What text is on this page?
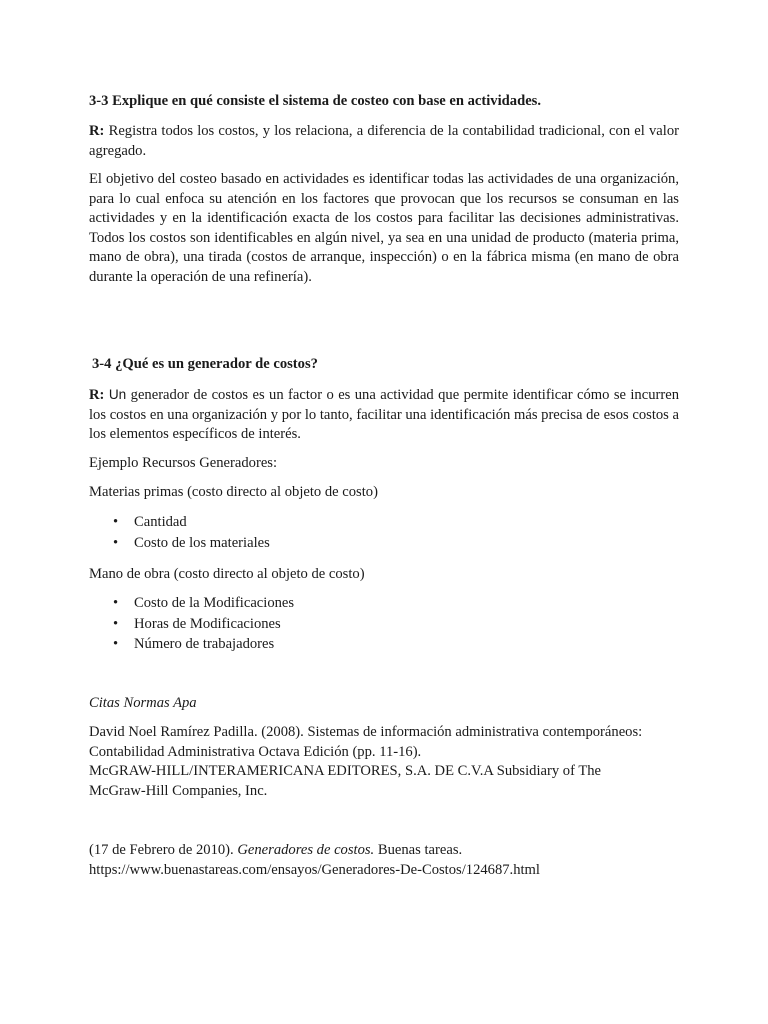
3-3 Explique en qué consiste el sistema de costeo con base en actividades.

R: Registra todos los costos, y los relaciona, a diferencia de la contabilidad tradicional, con el valor agregado.

El objetivo del costeo basado en actividades es identificar todas las actividades de una organización, para lo cual enfoca su atención en los factores que provocan que los recursos se consuman en las actividades y en la identificación exacta de los costos para facilitar las decisiones administrativas. Todos los costos son identificables en algún nivel, ya sea en una unidad de producto (materia prima, mano de obra), una tirada (costos de arranque, inspección) o en la fábrica misma (en mano de obra durante la operación de una refinería).

3-4 ¿Qué es un generador de costos?

R: Un generador de costos es un factor o es una actividad que permite identificar cómo se incurren los costos en una organización y por lo tanto, facilitar una identificación más precisa de esos costos a los elementos específicos de interés.

Ejemplo Recursos Generadores:

Materias primas (costo directo al objeto de costo)

• Cantidad
• Costo de los materiales

Mano de obra (costo directo al objeto de costo)

• Costo de la Modificaciones
• Horas de Modificaciones
• Número de trabajadores

Citas Normas Apa

David Noel Ramírez Padilla. (2008). Sistemas de información administrativa contemporáneos:
Contabilidad Administrativa Octava Edición (pp. 11-16).
McGRAW-HILL/INTERAMERICANA EDITORES, S.A. DE C.V.A Subsidiary of The
McGraw-Hill Companies, Inc.

(17 de Febrero de 2010). Generadores de costos. Buenas tareas.
https://www.buenastareas.com/ensayos/Generadores-De-Costos/124687.html
